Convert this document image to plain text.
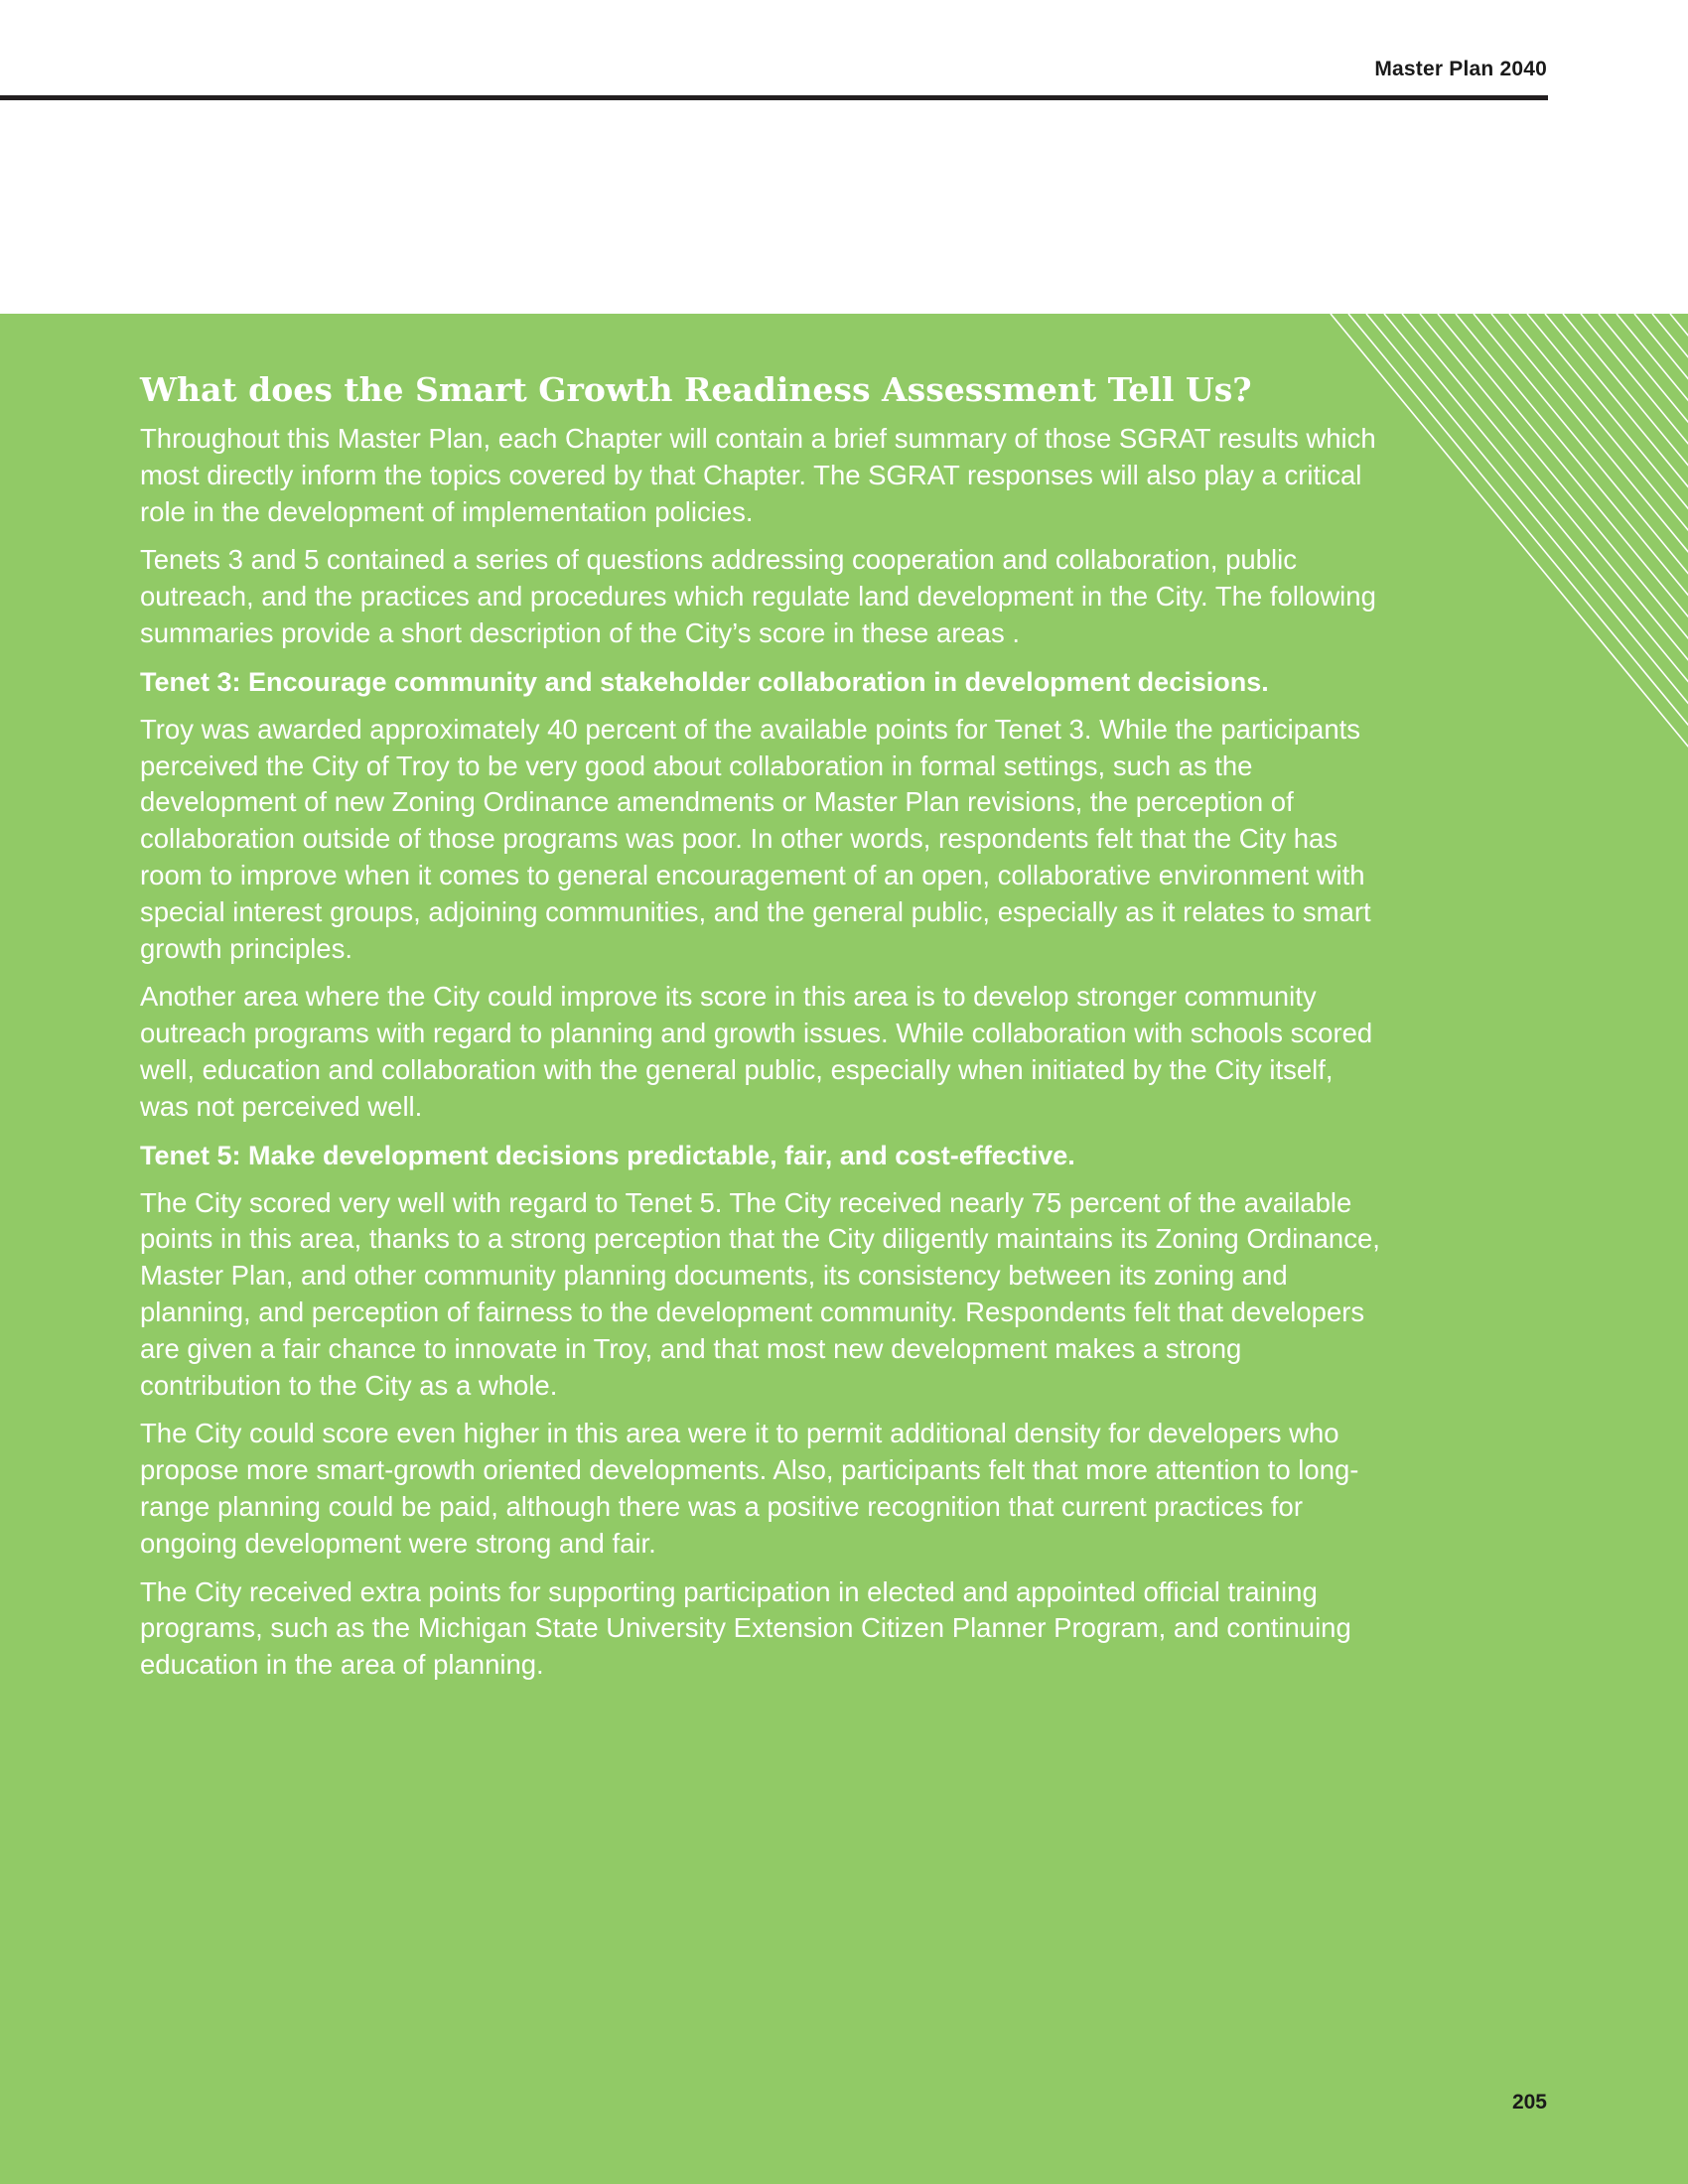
Master Plan 2040
What does the Smart Growth Readiness Assessment Tell Us?

Throughout this Master Plan, each Chapter will contain a brief summary of those SGRAT results which most directly inform the topics covered by that Chapter. The SGRAT responses will also play a critical role in the development of implementation policies.

Tenets 3 and 5 contained a series of questions addressing cooperation and collaboration, public outreach, and the practices and procedures which regulate land development in the City. The following summaries provide a short description of the City’s score in these areas .

Tenet 3: Encourage community and stakeholder collaboration in development decisions.

Troy was awarded approximately 40 percent of the available points for Tenet 3. While the participants perceived the City of Troy to be very good about collaboration in formal settings, such as the development of new Zoning Ordinance amendments or Master Plan revisions, the perception of collaboration outside of those programs was poor. In other words, respondents felt that the City has room to improve when it comes to general encouragement of an open, collaborative environment with special interest groups, adjoining communities, and the general public, especially as it relates to smart growth principles.

Another area where the City could improve its score in this area is to develop stronger community outreach programs with regard to planning and growth issues. While collaboration with schools scored well, education and collaboration with the general public, especially when initiated by the City itself, was not perceived well.

Tenet 5: Make development decisions predictable, fair, and cost-effective.

The City scored very well with regard to Tenet 5. The City received nearly 75 percent of the available points in this area, thanks to a strong perception that the City diligently maintains its Zoning Ordinance, Master Plan, and other community planning documents, its consistency between its zoning and planning, and perception of fairness to the development community. Respondents felt that developers are given a fair chance to innovate in Troy, and that most new development makes a strong contribution to the City as a whole.

The City could score even higher in this area were it to permit additional density for developers who propose more smart-growth oriented developments. Also, participants felt that more attention to long-range planning could be paid, although there was a positive recognition that current practices for ongoing development were strong and fair.

The City received extra points for supporting participation in elected and appointed official training programs, such as the Michigan State University Extension Citizen Planner Program, and continuing education in the area of planning.

205
